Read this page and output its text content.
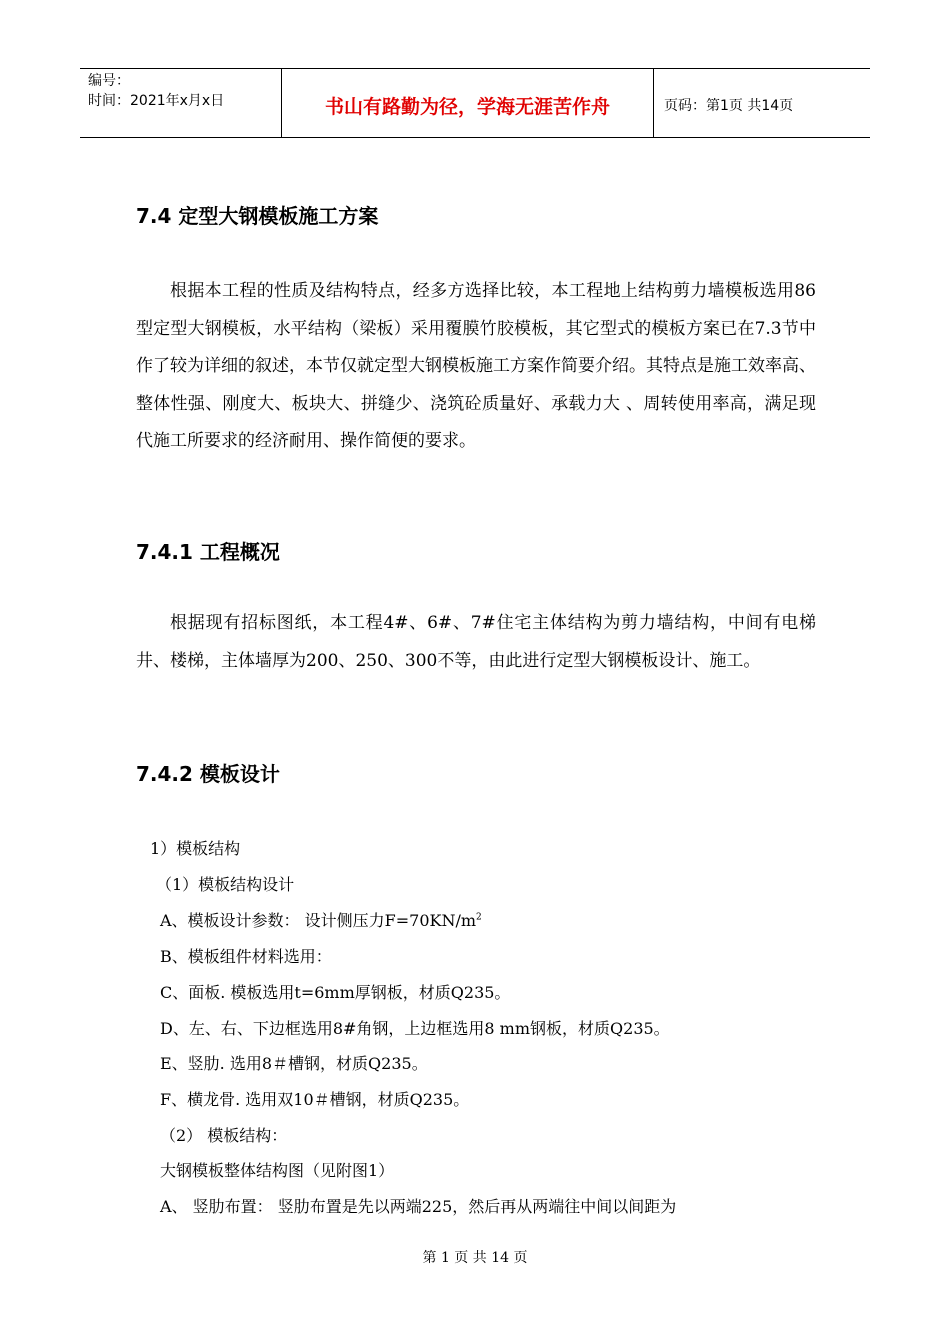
编号：
时间：2021年x月x日	书山有路勤为径，学海无涯苦作舟	页码：第1页 共14页
7.4 定型大钢模板施工方案

根据本工程的性质及结构特点，经多方选择比较，本工程地上结构剪力墙模板选用86型定型大钢模板，水平结构（梁板）采用覆膜竹胶模板，其它型式的模板方案已在7.3节中作了较为详细的叙述，本节仅就定型大钢模板施工方案作简要介绍。其特点是施工效率高、整体性强、刚度大、板块大、拼缝少、浇筑砼质量好、承载力大 、周转使用率高，满足现代施工所要求的经济耐用、操作简便的要求。

7.4.1 工程概况

根据现有招标图纸，本工程4#、6#、7#住宅主体结构为剪力墙结构，中间有电梯井、楼梯，主体墙厚为200、250、300不等，由此进行定型大钢模板设计、施工。

7.4.2 模板设计

1）模板结构

（1）模板结构设计

A、模板设计参数： 设计侧压力$F=70KN/m^2$

B、模板组件材料选用：

C、面板. 模板选用t=6mm厚钢板，材质Q235。

D、左、右、下边框选用8#角钢，上边框选用8 mm钢板，材质Q235。

E、竖肋. 选用8＃槽钢，材质Q235。

F、横龙骨. 选用双10＃槽钢，材质Q235。

（2） 模板结构：

大钢模板整体结构图（见附图1）

A、 竖肋布置： 竖肋布置是先以两端225，然后再从两端往中间以间距为

第 1 页 共 14 页
